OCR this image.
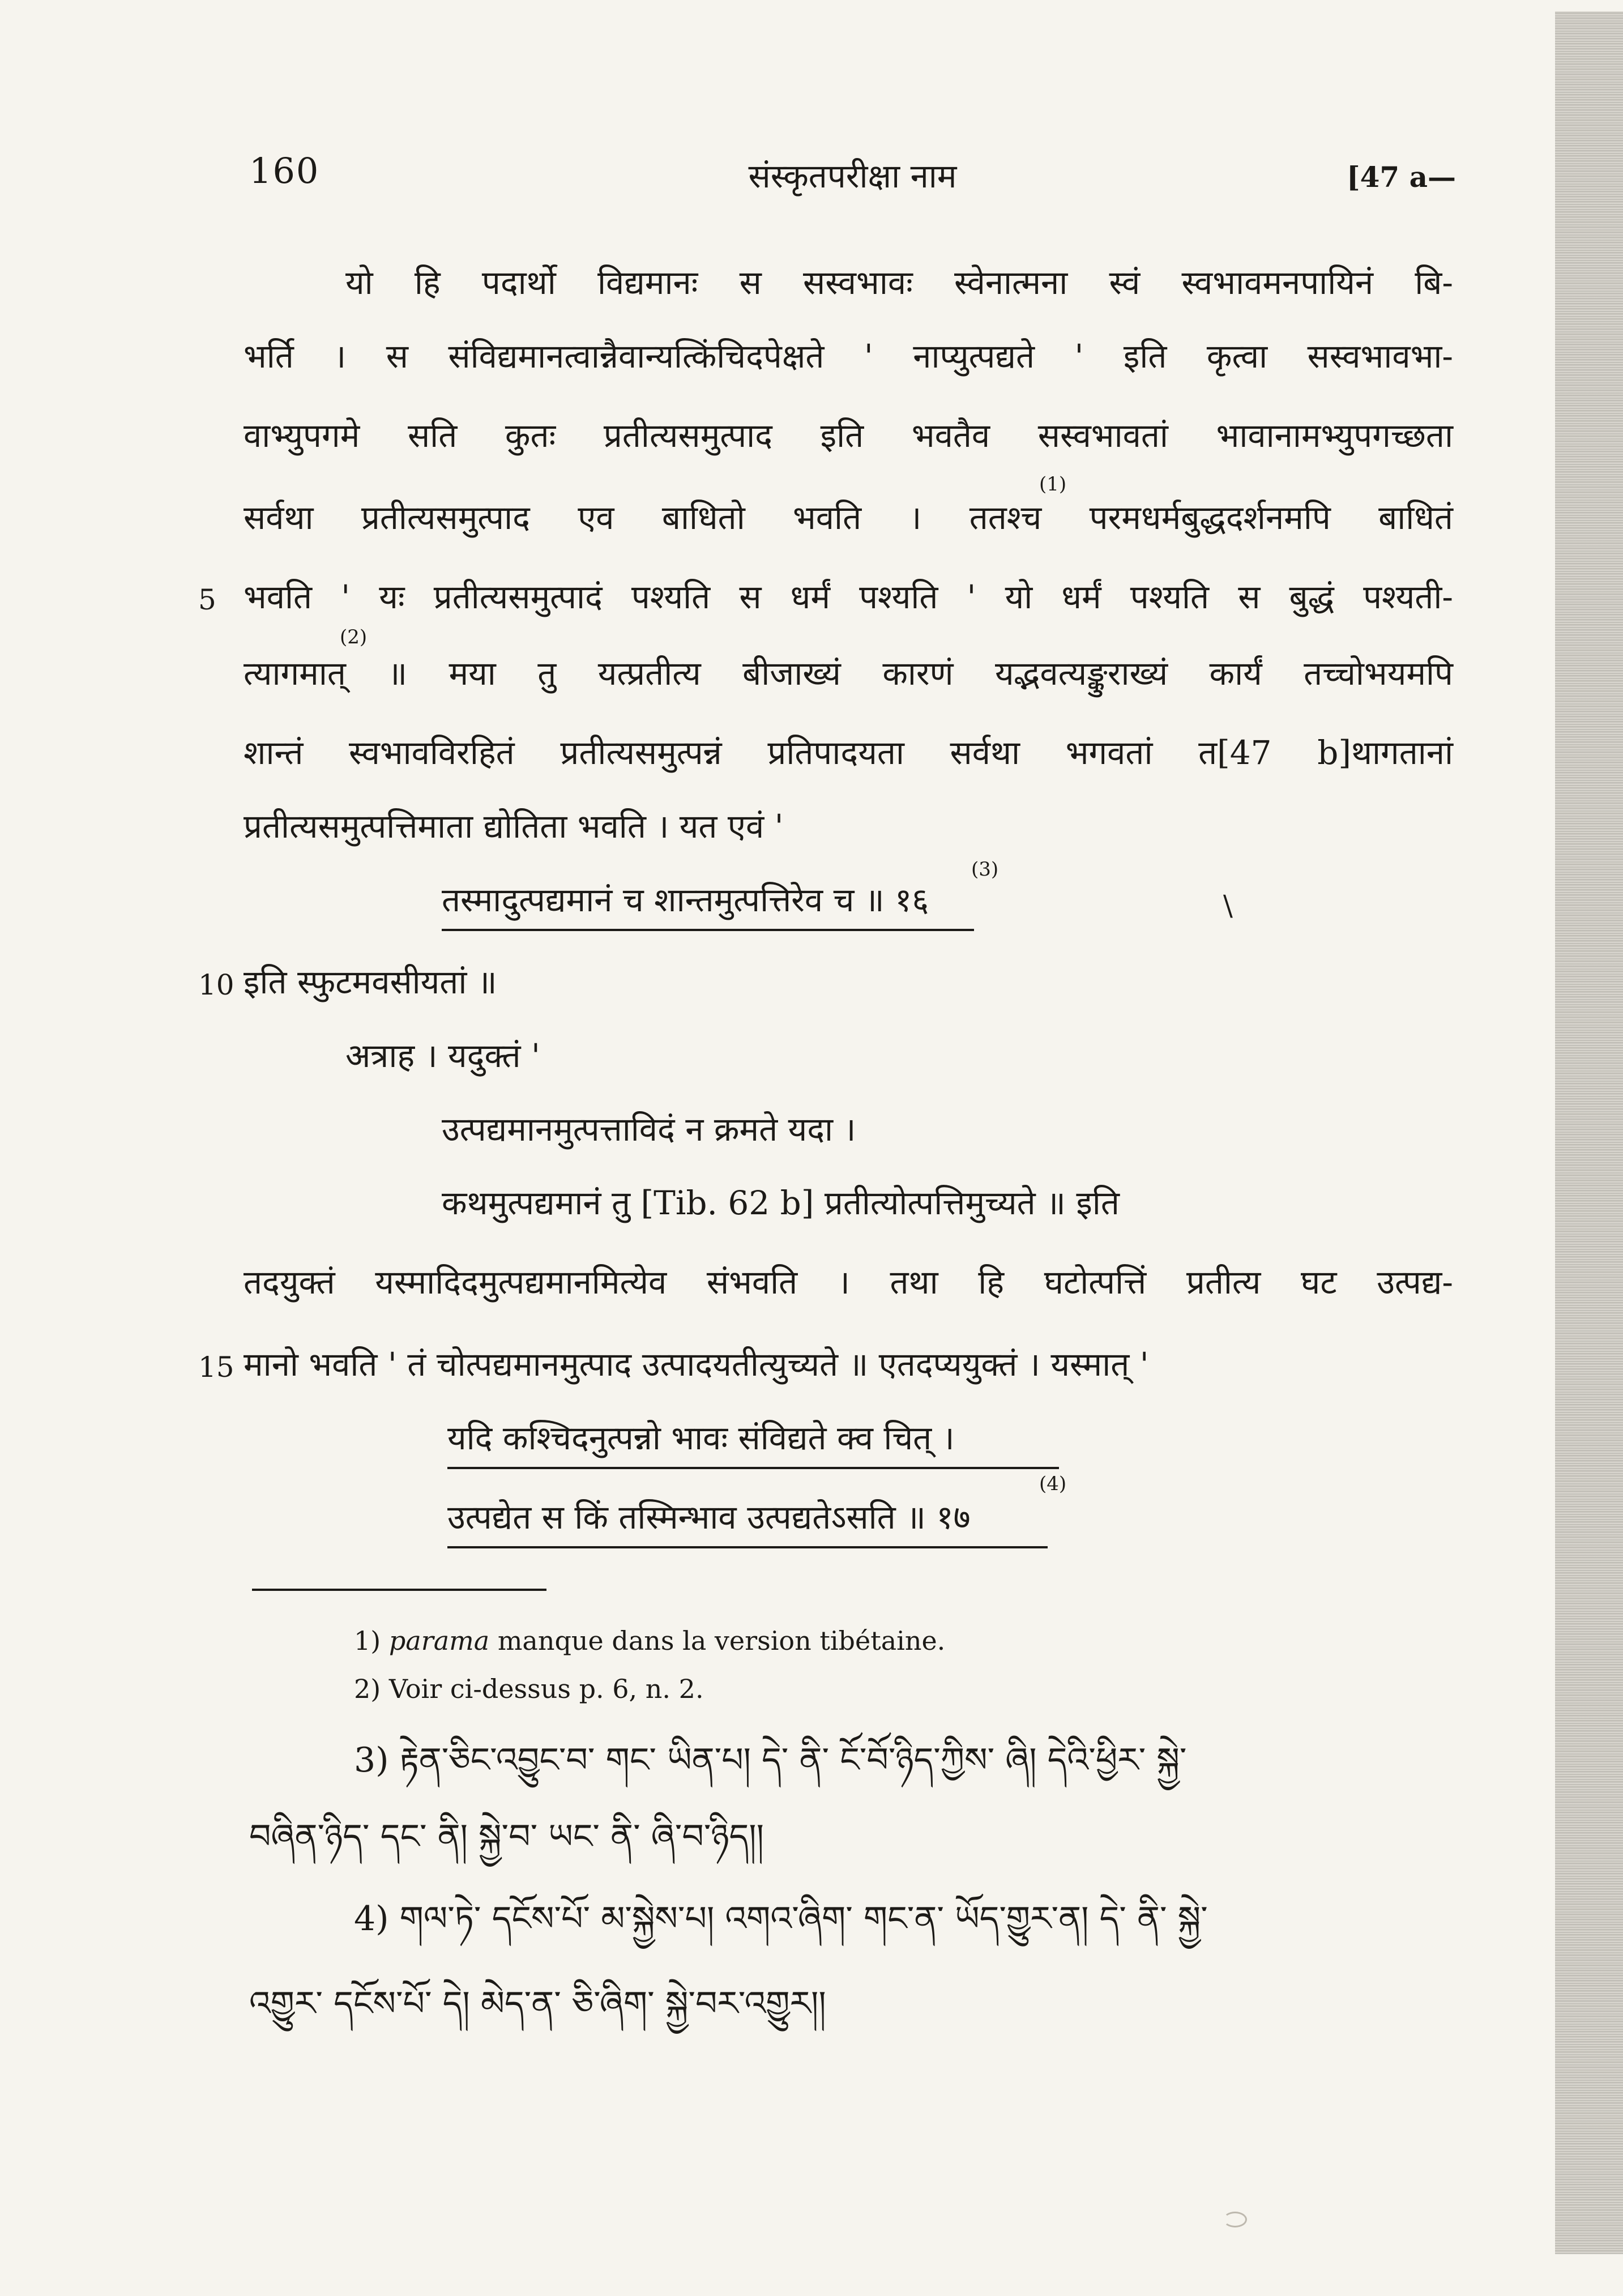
160	संस्कृतपरीक्षा नाम	[47 a—
यो हि पदार्थो विद्यमानः स सस्वभावः स्वेनात्मना स्वं स्वभावमनपायिनं बि-
भर्ति । स संविद्यमानत्वान्नैवान्यत्किंचिदपेक्षते ' नाप्युत्पद्यते ' इति कृत्वा सस्वभावभा-
वाभ्युपगमे सति कुतः प्रतीत्यसमुत्पाद इति भवतैव सस्वभावतां भावानामभ्युपगच्छता
सर्वथा प्रतीत्यसमुत्पाद एव बाधितो भवति । ततश्च परमधर्मबुद्धदर्शनमपि बाधितं
(1)
5 भवति ' यः प्रतीत्यसमुत्पादं पश्यति स धर्मं पश्यति ' यो धर्मं पश्यति स बुद्धं पश्यती-
(2)
त्यागमात् ॥ मया तु यत्प्रतीत्य बीजाख्यं कारणं यद्भवत्यङ्कुराख्यं कार्यं तच्चोभयमपि
शान्तं स्वभावविरहितं प्रतीत्यसमुत्पन्नं प्रतिपादयता सर्वथा भगवतां त[47 b]थागतानां
प्रतीत्यसमुत्पत्तिमाता द्योतिता भवति । यत एवं '
(3)
तस्मादुत्पद्यमानं च शान्तमुत्पत्तिरेव च ॥ १६	\
10 इति स्फुटमवसीयतां ॥
अत्राह । यदुक्तं '
उत्पद्यमानमुत्पत्ताविदं न क्रमते यदा ।
कथमुत्पद्यमानं तु [Tib. 62 b] प्रतीत्योत्पत्तिमुच्यते ॥ इति
तदयुक्तं यस्मादिदमुत्पद्यमानमित्येव संभवति । तथा हि घटोत्पत्तिं प्रतीत्य घट उत्पद्य-
15 मानो भवति ' तं चोत्पद्यमानमुत्पाद उत्पादयतीत्युच्यते ॥ एतदप्ययुक्तं । यस्मात् '
यदि कश्चिदनुत्पन्नो भावः संविद्यते क्व चित् ।
(4)
उत्पद्येत स किं तस्मिन्भाव उत्पद्यतेऽसति ॥ १७
1) parama manque dans la version tibétaine.
2) Voir ci-dessus p. 6, n. 2.
3) རྟེན་ཅིང་འབྱུང་བ་ གང་ ཡིན་པ། དེ་ ནི་ ངོ་བོ་ཉིད་ཀྱིས་ ཞི། དེའི་ཕྱིར་ སྐྱེ་
བཞིན་ཉིད་ དང་ ནི། སྐྱེ་བ་ ཡང་ ནི་ ཞི་བ་ཉིད།།
4) གལ་ཏེ་ དངོས་པོ་ མ་སྐྱེས་པ། འགའ་ཞིག་ གང་ན་ ཡོད་གྱུར་ན། དེ་ ནི་ སྐྱེ་
འགྱུར་ དངོས་པོ་ དེ། མེད་ན་ ཅི་ཞིག་ སྐྱེ་བར་འགྱུར།།
